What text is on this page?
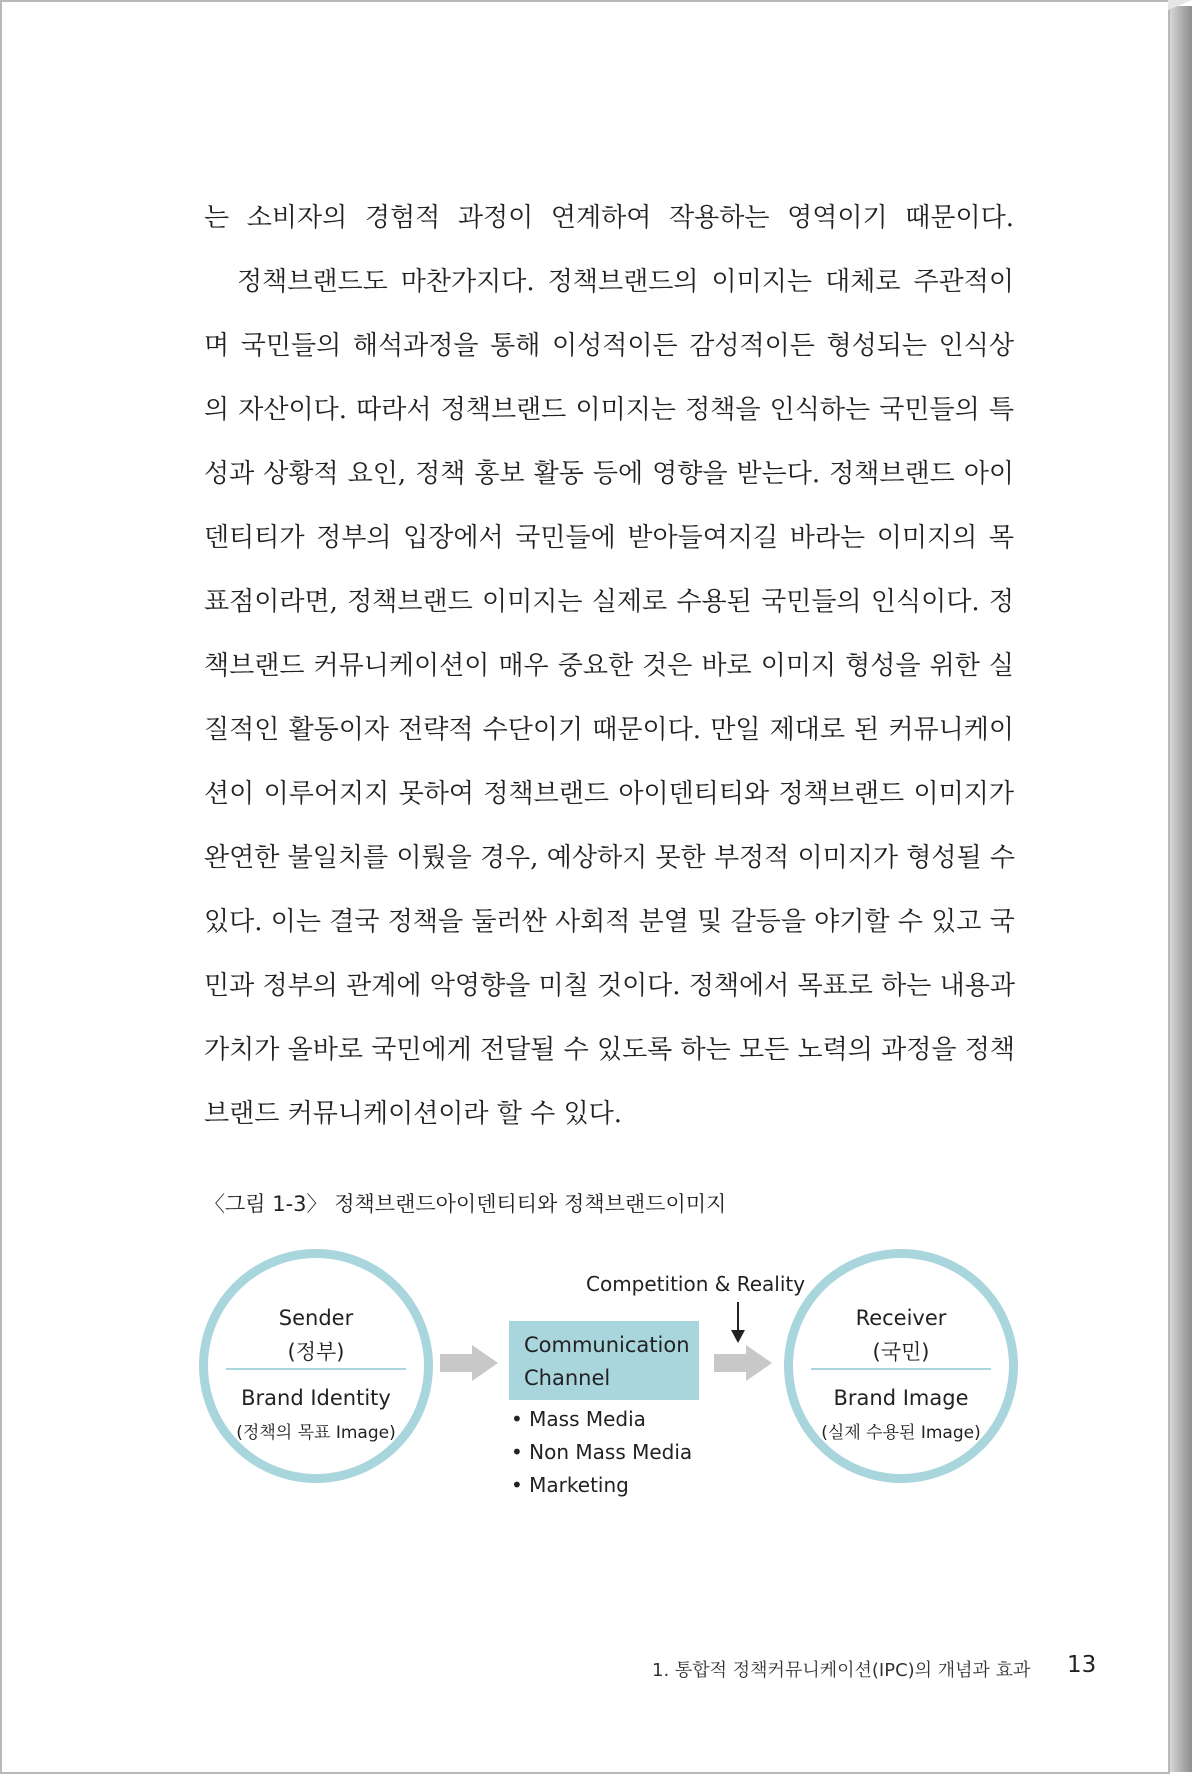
는 소비자의 경험적 과정이 연계하여 작용하는 영역이기 때문이다.
정책브랜드도 마찬가지다. 정책브랜드의 이미지는 대체로 주관적이
며 국민들의 해석과정을 통해 이성적이든 감성적이든 형성되는 인식상
의 자산이다. 따라서 정책브랜드 이미지는 정책을 인식하는 국민들의 특
성과 상황적 요인, 정책 홍보 활동 등에 영향을 받는다. 정책브랜드 아이
덴티티가 정부의 입장에서 국민들에 받아들여지길 바라는 이미지의 목
표점이라면, 정책브랜드 이미지는 실제로 수용된 국민들의 인식이다. 정
책브랜드 커뮤니케이션이 매우 중요한 것은 바로 이미지 형성을 위한 실
질적인 활동이자 전략적 수단이기 때문이다. 만일 제대로 된 커뮤니케이
션이 이루어지지 못하여 정책브랜드 아이덴티티와 정책브랜드 이미지가
완연한 불일치를 이뤘을 경우, 예상하지 못한 부정적 이미지가 형성될 수
있다. 이는 결국 정책을 둘러싼 사회적 분열 및 갈등을 야기할 수 있고 국
민과 정부의 관계에 악영향을 미칠 것이다. 정책에서 목표로 하는 내용과
가치가 올바로 국민에게 전달될 수 있도록 하는 모든 노력의 과정을 정책
브랜드 커뮤니케이션이라 할 수 있다.
〈그림 1-3〉 정책브랜드아이덴티티와 정책브랜드이미지
Sender
(정부)
Brand Identity
(정책의 목표 Image)
Communication
Channel
• Mass Media
• Non Mass Media
• Marketing
Competition & Reality
Receiver
(국민)
Brand Image
(실제 수용된 Image)
1. 통합적 정책커뮤니케이션(IPC)의 개념과 효과 13
